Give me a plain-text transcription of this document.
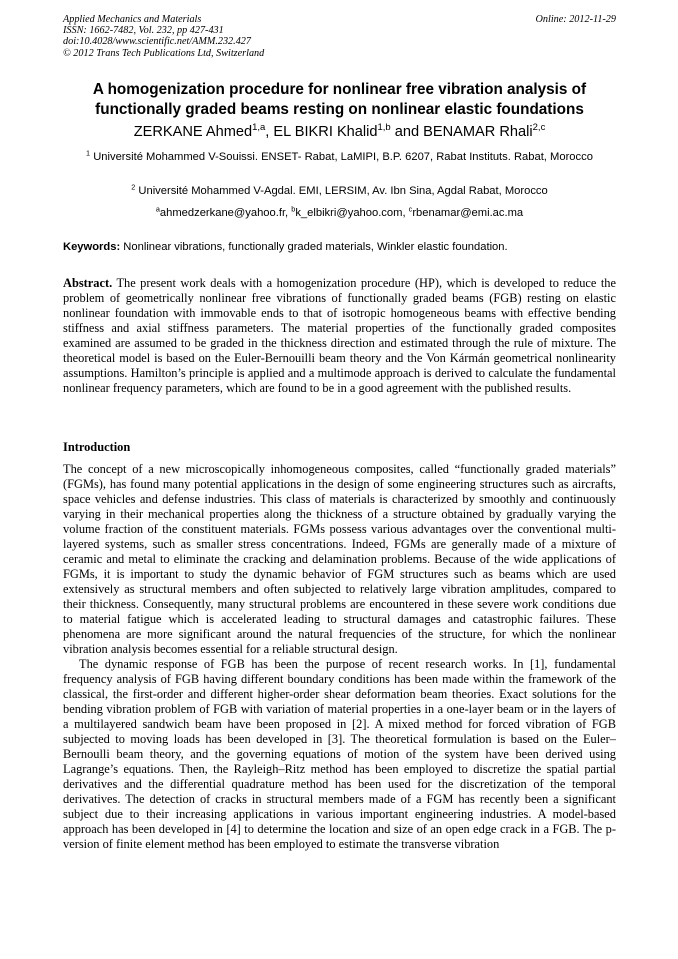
Applied Mechanics and Materials
ISSN: 1662-7482, Vol. 232, pp 427-431
doi:10.4028/www.scientific.net/AMM.232.427
© 2012 Trans Tech Publications Ltd, Switzerland
Online: 2012-11-29
A homogenization procedure for nonlinear free vibration analysis of functionally graded beams resting on nonlinear elastic foundations
ZERKANE Ahmed$^{1,a}$, EL BIKRI Khalid$^{1,b}$ and BENAMAR Rhali$^{2,c}$
$^1$ Université Mohammed V-Souissi. ENSET- Rabat, LaMIPI, B.P. 6207, Rabat Instituts. Rabat, Morocco
$^2$ Université Mohammed V-Agdal. EMI, LERSIM, Av. Ibn Sina, Agdal Rabat, Morocco
$^a$ahmedzerkane@yahoo.fr, $^b$k_elbikri@yahoo.com, $^c$rbenamar@emi.ac.ma
Keywords: Nonlinear vibrations, functionally graded materials, Winkler elastic foundation.
Abstract. The present work deals with a homogenization procedure (HP), which is developed to reduce the problem of geometrically nonlinear free vibrations of functionally graded beams (FGB) resting on elastic nonlinear foundation with immovable ends to that of isotropic homogeneous beams with effective bending stiffness and axial stiffness parameters. The material properties of the functionally graded composites examined are assumed to be graded in the thickness direction and estimated through the rule of mixture. The theoretical model is based on the Euler-Bernouilli beam theory and the Von Kármán geometrical nonlinearity assumptions. Hamilton’s principle is applied and a multimode approach is derived to calculate the fundamental nonlinear frequency parameters, which are found to be in a good agreement with the published results.
Introduction

The concept of a new microscopically inhomogeneous composites, called “functionally graded materials” (FGMs), has found many potential applications in the design of some engineering structures such as aircrafts, space vehicles and defense industries. This class of materials is characterized by smoothly and continuously varying in their mechanical properties along the thickness of a structure obtained by gradually varying the volume fraction of the constituent materials. FGMs possess various advantages over the conventional multi-layered systems, such as smaller stress concentrations. Indeed, FGMs are generally made of a mixture of ceramic and metal to eliminate the cracking and delamination problems. Because of the wide applications of FGMs, it is important to study the dynamic behavior of FGM structures such as beams which are used extensively as structural members and often subjected to relatively large vibration amplitudes, compared to their thickness. Consequently, many structural problems are encountered in these severe work conditions due to material fatigue which is accelerated leading to structural damages and catastrophic failures. These phenomena are more significant around the natural frequencies of the structure, for which the nonlinear vibration analysis becomes essential for a reliable structural design.

The dynamic response of FGB has been the purpose of recent research works. In [1], fundamental frequency analysis of FGB having different boundary conditions has been made within the framework of the classical, the first-order and different higher-order shear deformation beam theories. Exact solutions for the bending vibration problem of FGB with variation of material properties in a one-layer beam or in the layers of a multilayered sandwich beam have been proposed in [2]. A mixed method for forced vibration of FGB subjected to moving loads has been developed in [3]. The theoretical formulation is based on the Euler–Bernoulli beam theory, and the governing equations of motion of the system have been derived using Lagrange’s equations. Then, the Rayleigh–Ritz method has been employed to discretize the spatial partial derivatives and the differential quadrature method has been used for the discretization of the temporal derivatives. The detection of cracks in structural members made of a FGM has recently been a significant subject due to their increasing applications in various important engineering industries. A model-based approach has been developed in [4] to determine the location and size of an open edge crack in a FGB. The p-version of finite element method has been employed to estimate the transverse vibration
